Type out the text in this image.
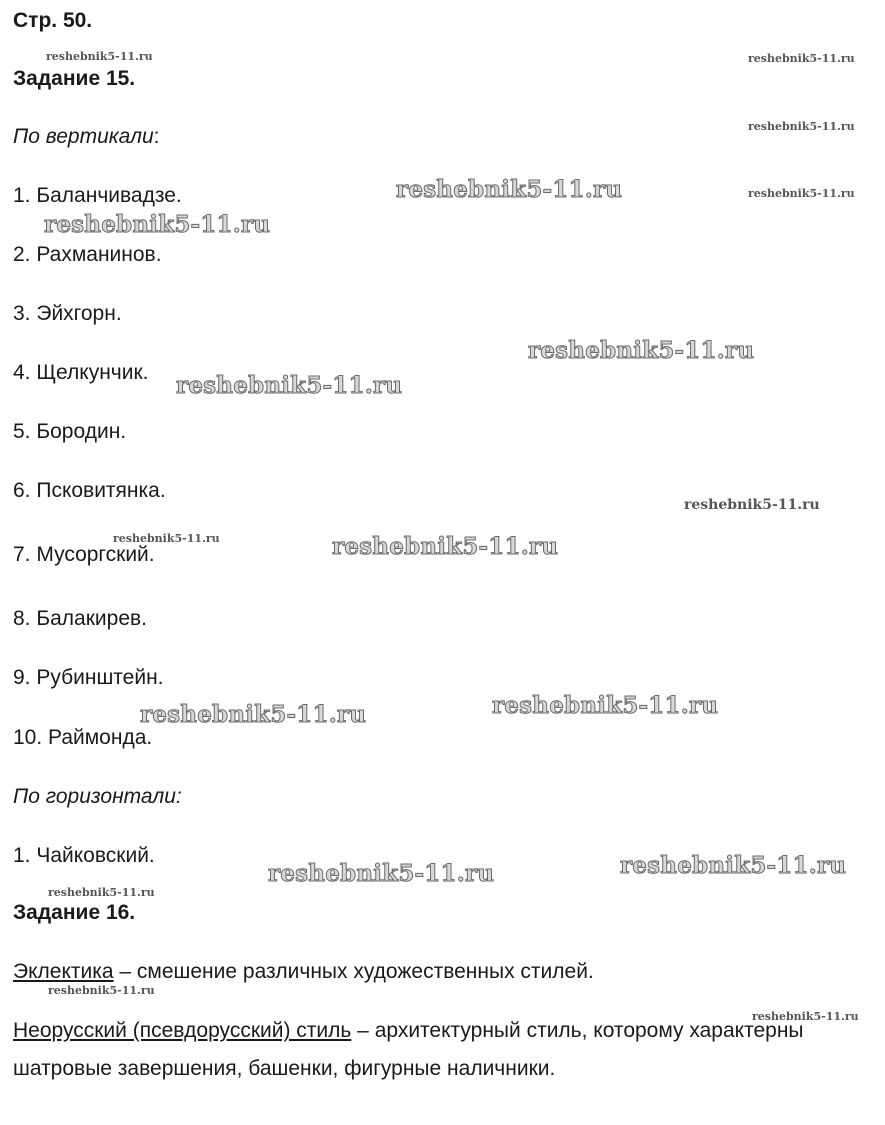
Стр. 50.
Задание 15.
По вертикали:
1. Баланчивадзе.
2. Рахманинов.
3. Эйхгорн.
4. Щелкунчик.
5. Бородин.
6. Псковитянка.
7. Мусоргский.
8. Балакирев.
9. Рубинштейн.
10. Раймонда.
По горизонтали:
1. Чайковский.
Задание 16.
Эклектика – смешение различных художественных стилей.
Неорусский (псевдорусский) стиль – архитектурный стиль, которому характерны
шатровые завершения, башенки, фигурные наличники.
reshebnik5-11.ru	reshebnik5-11.ru
reshebnik5-11.ru
reshebnik5-11.ru
reshebnik5-11.ru
reshebnik5-11.ru
reshebnik5-11.ru
reshebnik5-11.ru
reshebnik5-11.ru
reshebnik5-11.ru	reshebnik5-11.ru
reshebnik5-11.ru
reshebnik5-11.ru
reshebnik5-11.ru
reshebnik5-11.ru
reshebnik5-11.ru
reshebnik5-11.ru
reshebnik5-11.ru
